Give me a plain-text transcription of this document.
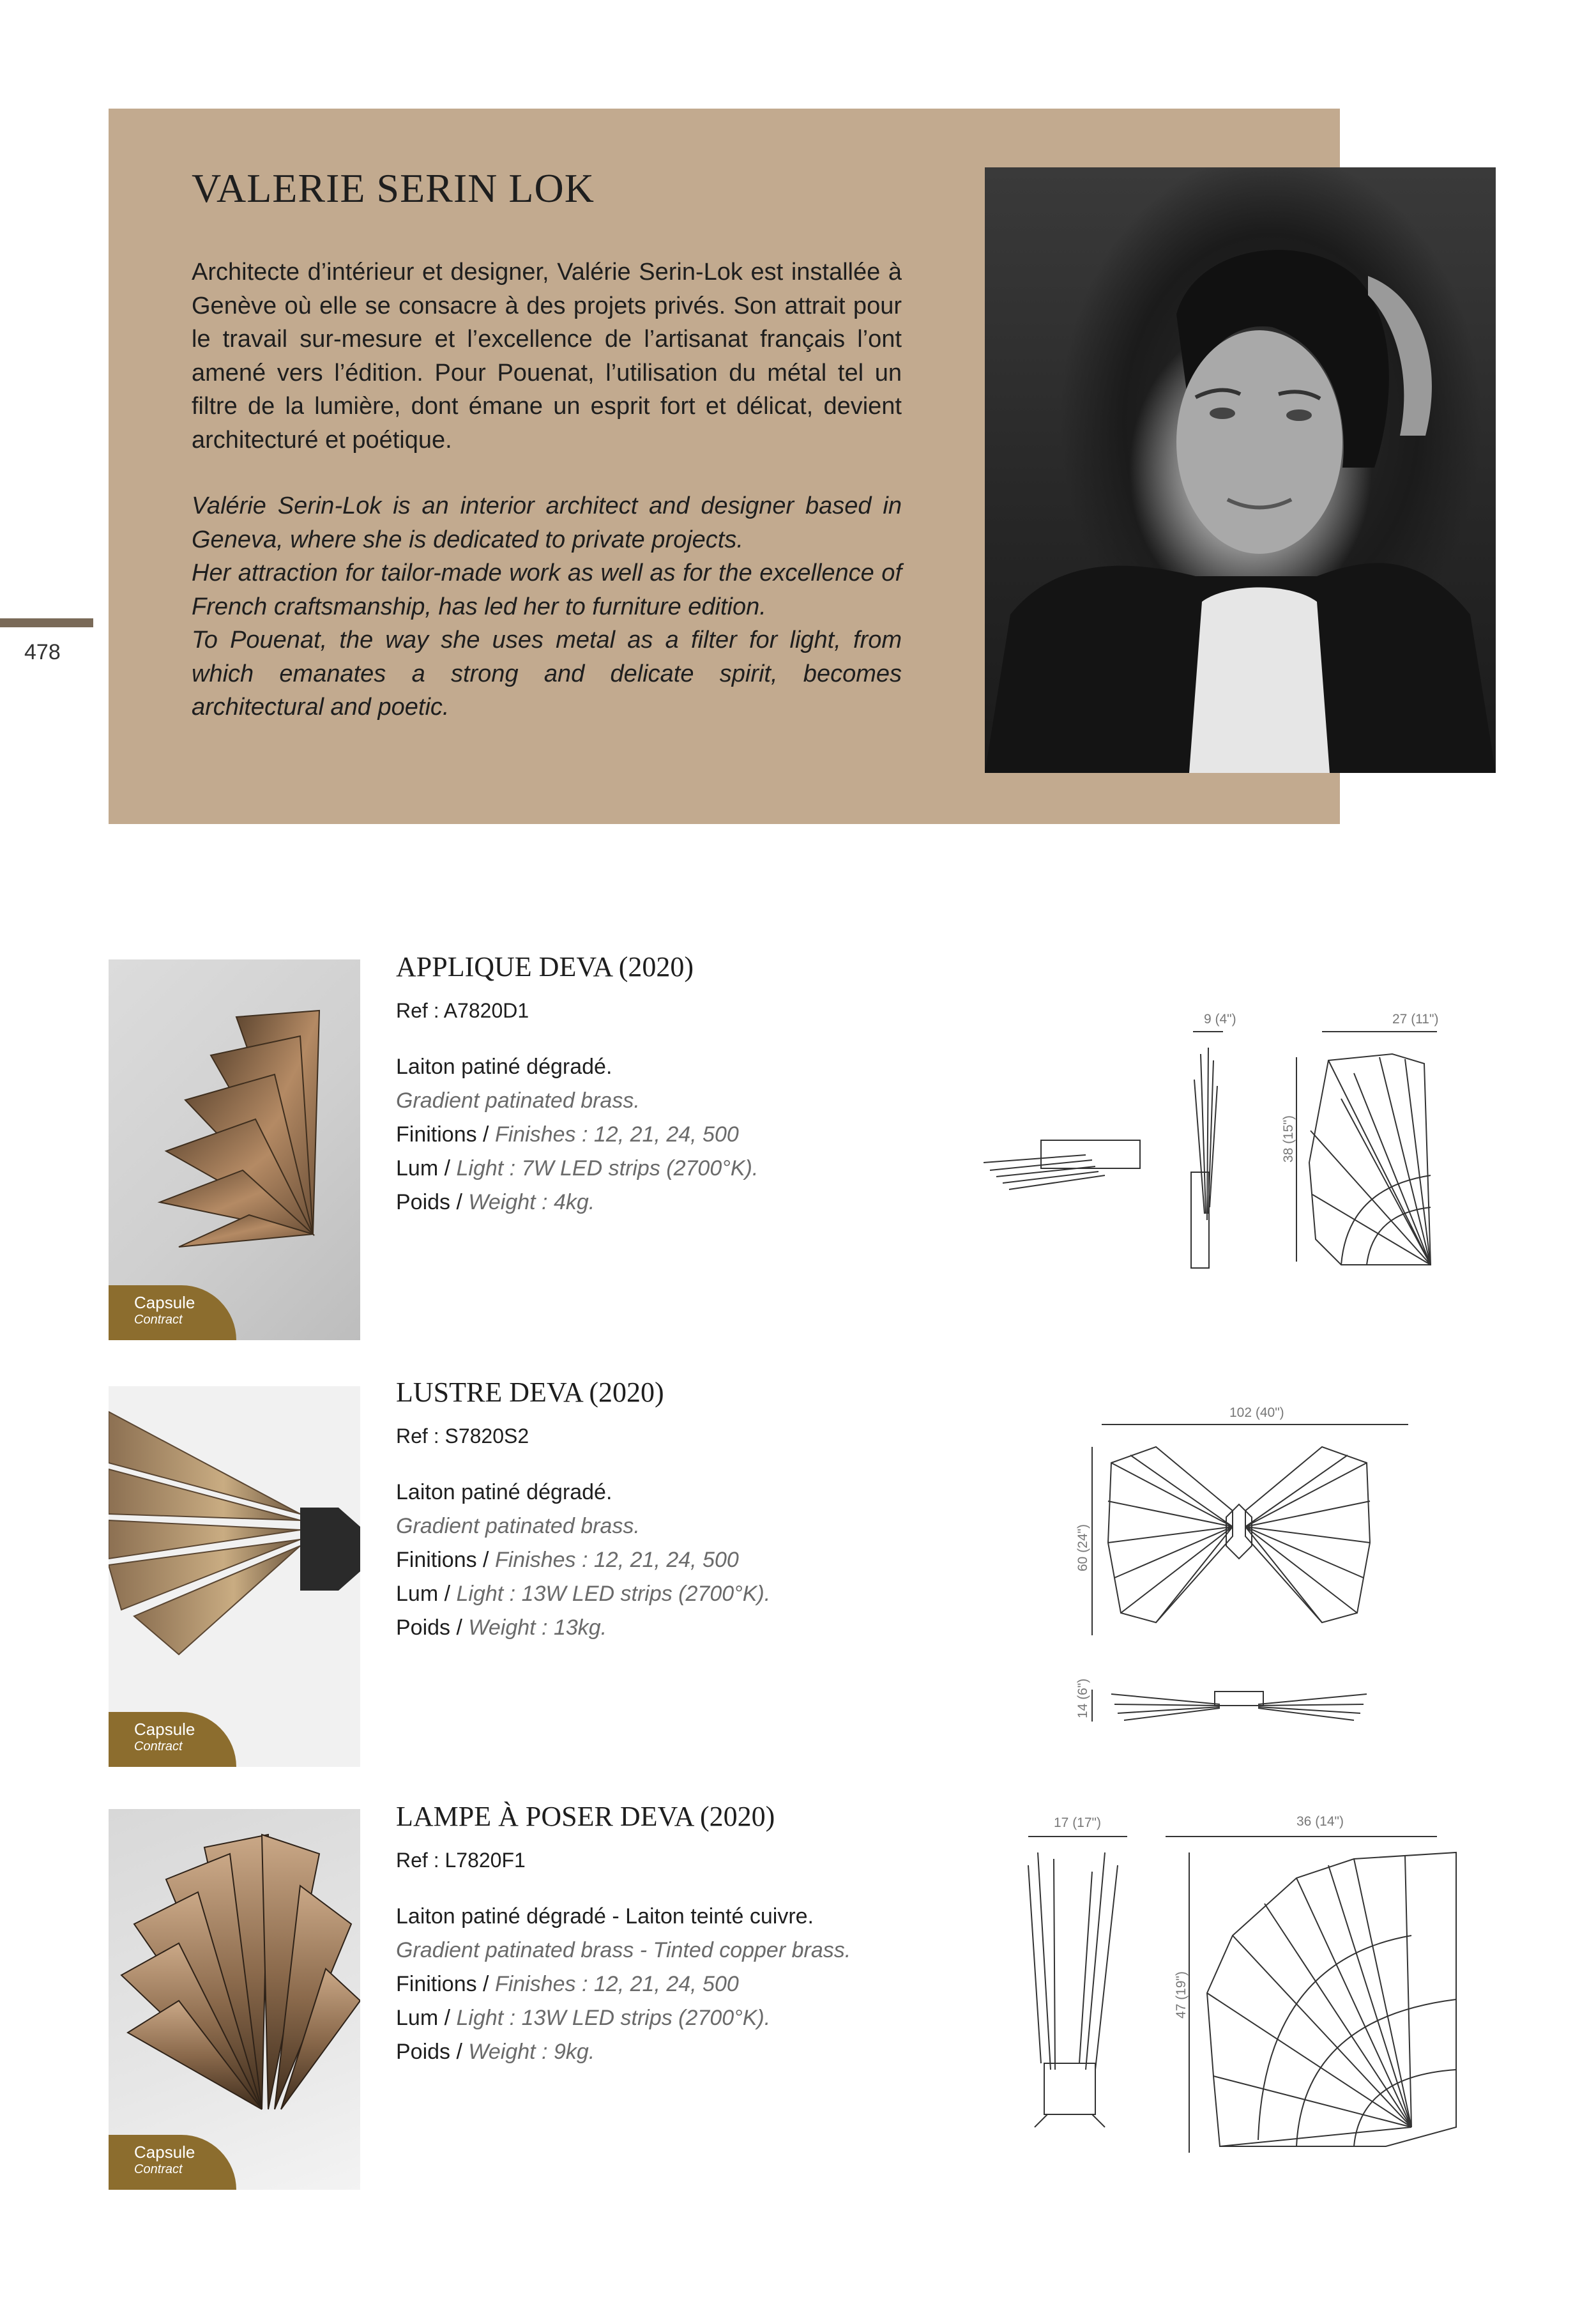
478
VALERIE SERIN LOK

Architecte d’intérieur et designer, Valérie Serin-Lok est installée à Genève où elle se consacre à des projets privés. Son attrait pour le travail sur-mesure et l’excellence de l’artisanat français l’ont amené vers l’édition. Pour Pouenat, l’utilisation du métal tel un filtre de la lumière, dont émane un esprit fort et délicat, devient architecturé et poétique.

Valérie Serin-Lok is an interior architect and designer based in Geneva, where she is dedicated to private projects.

Her attraction for tailor-made work as well as for the excellence of French craftsmanship, has led her to furniture edition.

To Pouenat, the way she uses metal as a filter for light, from which emanates a strong and delicate spirit, becomes architectural and poetic.

Capsule
Contract
APPLIQUE DEVA (2020)
Ref : A7820D1
Laiton patiné dégradé.
Gradient patinated brass.
Finitions / Finishes : 12, 21, 24, 500
Lum / Light : 7W LED strips (2700°K).
Poids / Weight : 4kg.
9 (4")	27 (11")
38 (15")
Capsule
Contract
LUSTRE DEVA (2020)
Ref : S7820S2
Laiton patiné dégradé.
Gradient patinated brass.
Finitions / Finishes : 12, 21, 24, 500
Lum / Light : 13W LED strips (2700°K).
Poids / Weight : 13kg.
102 (40")
60 (24")
14 (6")
Capsule
Contract
LAMPE À POSER DEVA (2020)
Ref : L7820F1
Laiton patiné dégradé - Laiton teinté cuivre.
Gradient patinated brass - Tinted copper brass.
Finitions / Finishes : 12, 21, 24, 500
Lum / Light : 13W LED strips (2700°K).
Poids / Weight : 9kg.
17 (17")	36 (14")
47 (19")
